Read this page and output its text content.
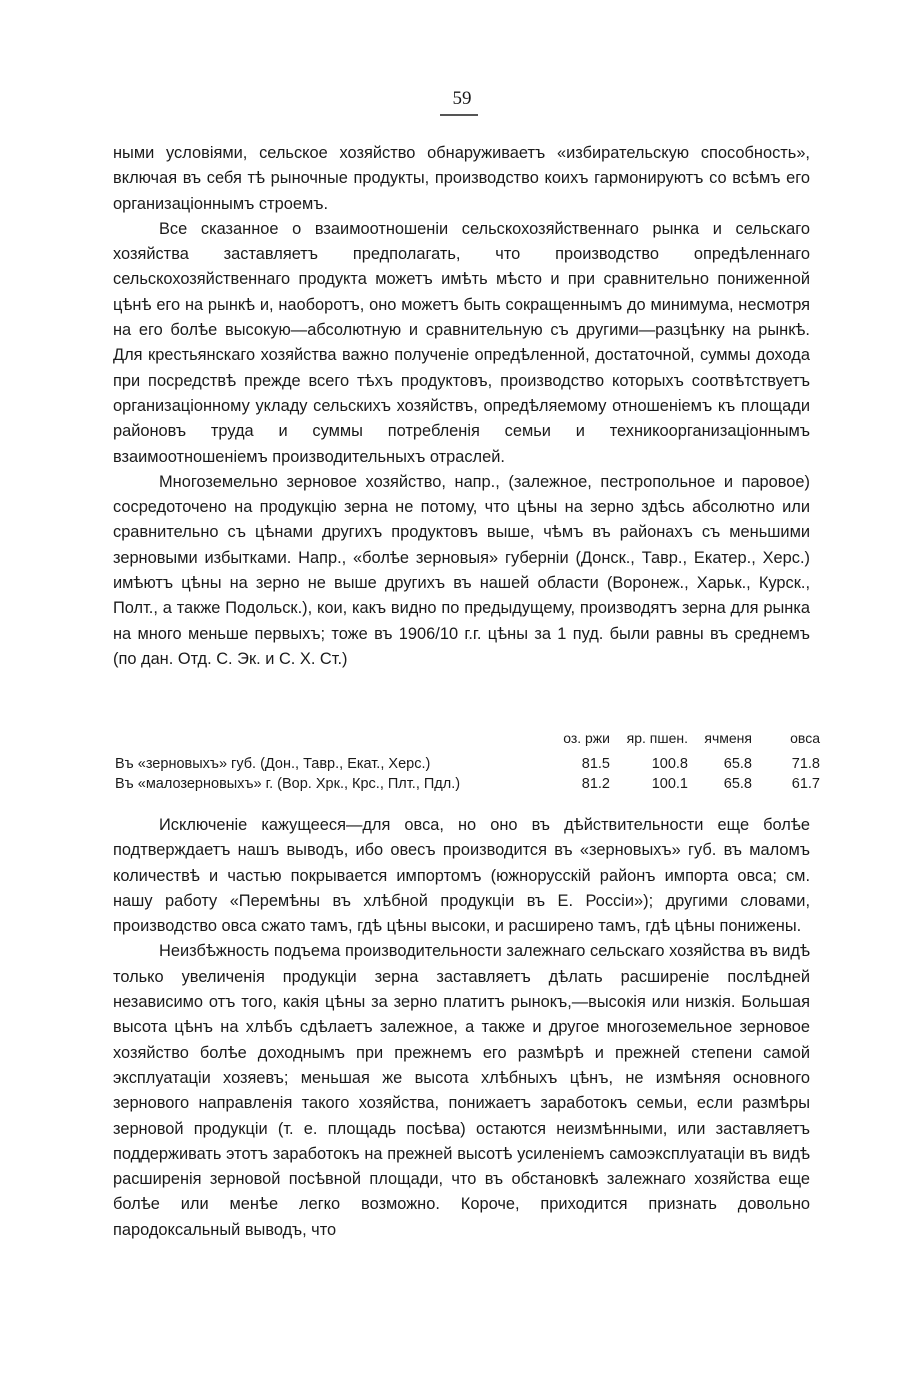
59

ными условіями, сельское хозяйство обнаруживаетъ «избирательскую способность», включая въ себя тѣ рыночные продукты, производство коихъ гармонируютъ со всѣмъ его организаціоннымъ строемъ.

Все сказанное о взаимоотношеніи сельскохозяйственнаго рынка и сельскаго хозяйства заставляетъ предполагать, что производство опредѣленнаго сельскохозяйственнаго продукта можетъ имѣть мѣсто и при сравнительно пониженной цѣнѣ его на рынкѣ и, наоборотъ, оно можетъ быть сокращеннымъ до минимума, несмотря на его болѣе высокую—абсолютную и сравнительную съ другими—разцѣнку на рынкѣ. Для крестьянскаго хозяйства важно полученіе опредѣленной, достаточной, суммы дохода при посредствѣ прежде всего тѣхъ продуктовъ, производство которыхъ соотвѣтствуетъ организаціонному укладу сельскихъ хозяйствъ, опредѣляемому отношеніемъ къ площади районовъ труда и суммы потребленія семьи и техникоорганизаціоннымъ взаимоотношеніемъ производительныхъ отраслей.

Многоземельно зерновое хозяйство, напр., (залежное, пестропольное и паровое) сосредоточено на продукцію зерна не потому, что цѣны на зерно здѣсь абсолютно или сравнительно съ цѣнами другихъ продуктовъ выше, чѣмъ въ районахъ съ меньшими зерновыми избытками. Напр., «болѣе зерновыя» губерніи (Донск., Тавр., Екатер., Херс.) имѣютъ цѣны на зерно не выше другихъ въ нашей области (Воронеж., Харьк., Курск., Полт., а также Подольск.), кои, какъ видно по предыдущему, производятъ зерна для рынка на много меньше первыхъ; тоже въ 1906/10 г.г. цѣны за 1 пуд. были равны въ среднемъ (по дан. Отд. С. Эк. и С. Х. Ст.)

	оз. ржи	яр. пшен.	ячменя	овса
Въ «зерновыхъ» губ. (Дон., Тавр., Екат., Херс.)	81.5	100.8	65.8	71.8
Въ «малозерновыхъ» г. (Вор. Хрк., Крс., Плт., Пдл.)	81.2	100.1	65.8	61.7

Исключеніе кажущееся—для овса, но оно въ дѣйствительности еще болѣе подтверждаетъ нашъ выводъ, ибо овесъ производится въ «зерновыхъ» губ. въ маломъ количествѣ и частью покрывается импортомъ (южнорусскій районъ импорта овса; см. нашу работу «Перемѣны въ хлѣбной продукціи въ Е. Россіи»); другими словами, производство овса сжато тамъ, гдѣ цѣны высоки, и расширено тамъ, гдѣ цѣны понижены.

Неизбѣжность подъема производительности залежнаго сельскаго хозяйства въ видѣ только увеличенія продукціи зерна заставляетъ дѣлать расширеніе послѣдней независимо отъ того, какія цѣны за зерно платитъ рынокъ,—высокія или низкія. Большая высота цѣнъ на хлѣбъ сдѣлаетъ залежное, а также и другое многоземельное зерновое хозяйство болѣе доходнымъ при прежнемъ его размѣрѣ и прежней степени самой эксплуатаціи хозяевъ; меньшая же высота хлѣбныхъ цѣнъ, не измѣняя основного зернового направленія такого хозяйства, понижаетъ заработокъ семьи, если размѣры зерновой продукціи (т. е. площадь посѣва) остаются неизмѣнными, или заставляетъ поддерживать этотъ заработокъ на прежней высотѣ усиленіемъ самоэксплуатаціи въ видѣ расширенія зерновой посѣвной площади, что въ обстановкѣ залежнаго хозяйства еще болѣе или менѣе легко возможно. Короче, приходится признать довольно пародоксальный выводъ, что
